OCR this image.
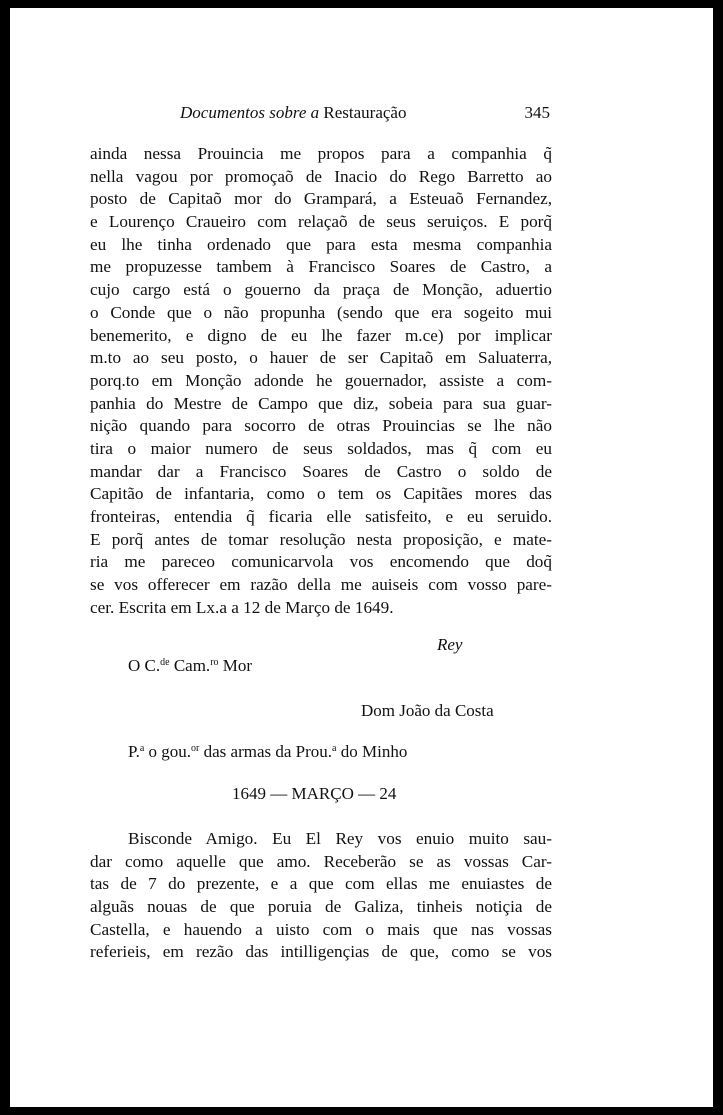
Documentos sobre a Restauração	345
ainda nessa Prouincia me propos para a companhia q̃
nella vagou por promoçaõ de Inacio do Rego Barretto ao
posto de Capitaõ mor do Grampará, a Esteuaõ Fernandez,
e Lourenço Craueiro com relaçaõ de seus seruiços. E porq̃
eu lhe tinha ordenado que para esta mesma companhia
me propuzesse tambem à Francisco Soares de Castro, a
cujo cargo está o gouerno da praça de Monção, aduertio
o Conde que o não propunha (sendo que era sogeito mui
benemerito, e digno de eu lhe fazer m.ce) por implicar
m.to ao seu posto, o hauer de ser Capitaõ em Saluaterra,
porq.to em Monção adonde he gouernador, assiste a com-
panhia do Mestre de Campo que diz, sobeia para sua guar-
nição quando para socorro de otras Prouincias se lhe não
tira o maior numero de seus soldados, mas q̃ com eu
mandar dar a Francisco Soares de Castro o soldo de
Capitão de infantaria, como o tem os Capitães mores das
fronteiras, entendia q̃ ficaria elle satisfeito, e eu seruido.
E porq̃ antes de tomar resolução nesta proposição, e mate-
ria me pareceo comunicarvola vos encomendo que doq̃
se vos offerecer em razão della me auiseis com vosso pare-
cer. Escrita em Lx.a a 12 de Março de 1649.
Rey
O C.$^{de}$ Cam.$^{ro}$ Mor
Dom João da Costa
P.$^a$ o gou.$^{or}$ das armas da Prou.$^a$ do Minho
1649 — MARÇO — 24
Bisconde Amigo. Eu El Rey vos enuio muito sau-
dar como aquelle que amo. Receberão se as vossas Car-
tas de 7 do prezente, e a que com ellas me enuiastes de
alguãs nouas de que poruia de Galiza, tinheis notiçia de
Castella, e hauendo a uisto com o mais que nas vossas
referieis, em rezão das intilligençias de que, como se vos
